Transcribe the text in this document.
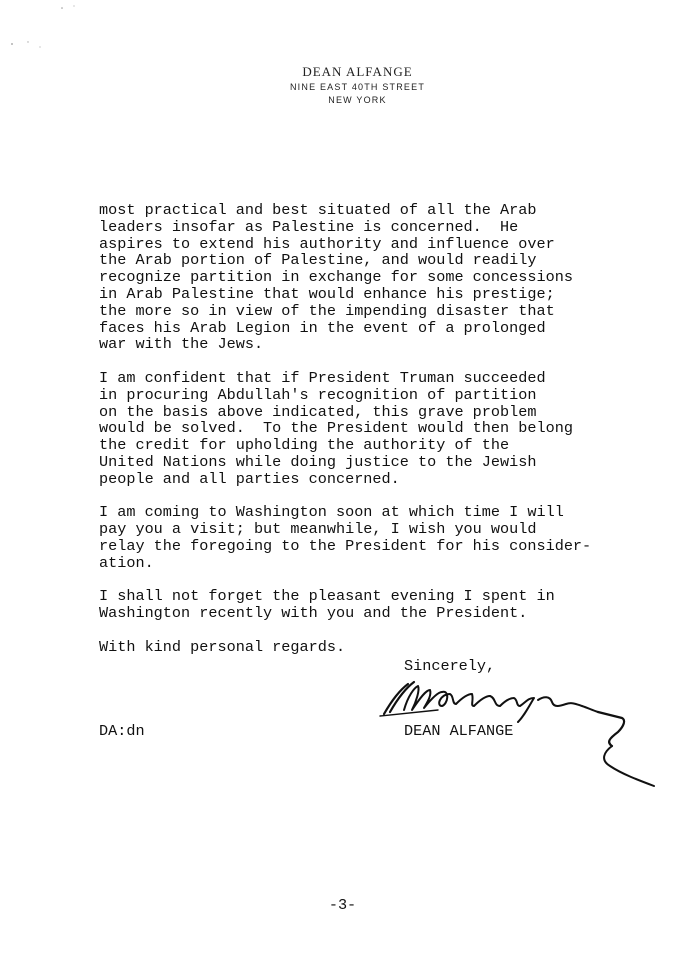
DEAN ALFANGE
NINE EAST 40TH STREET
NEW YORK

most practical and best situated of all the Arab
leaders insofar as Palestine is concerned.  He
aspires to extend his authority and influence over
the Arab portion of Palestine, and would readily
recognize partition in exchange for some concessions
in Arab Palestine that would enhance his prestige;
the more so in view of the impending disaster that
faces his Arab Legion in the event of a prolonged
war with the Jews.

I am confident that if President Truman succeeded
in procuring Abdullah's recognition of partition
on the basis above indicated, this grave problem
would be solved.  To the President would then belong
the credit for upholding the authority of the
United Nations while doing justice to the Jewish
people and all parties concerned.

I am coming to Washington soon at which time I will
pay you a visit; but meanwhile, I wish you would
relay the foregoing to the President for his consider-
ation.

I shall not forget the pleasant evening I spent in
Washington recently with you and the President.

With kind personal regards.

Sincerely,
DEAN ALFANGE
DA:dn
-3-
